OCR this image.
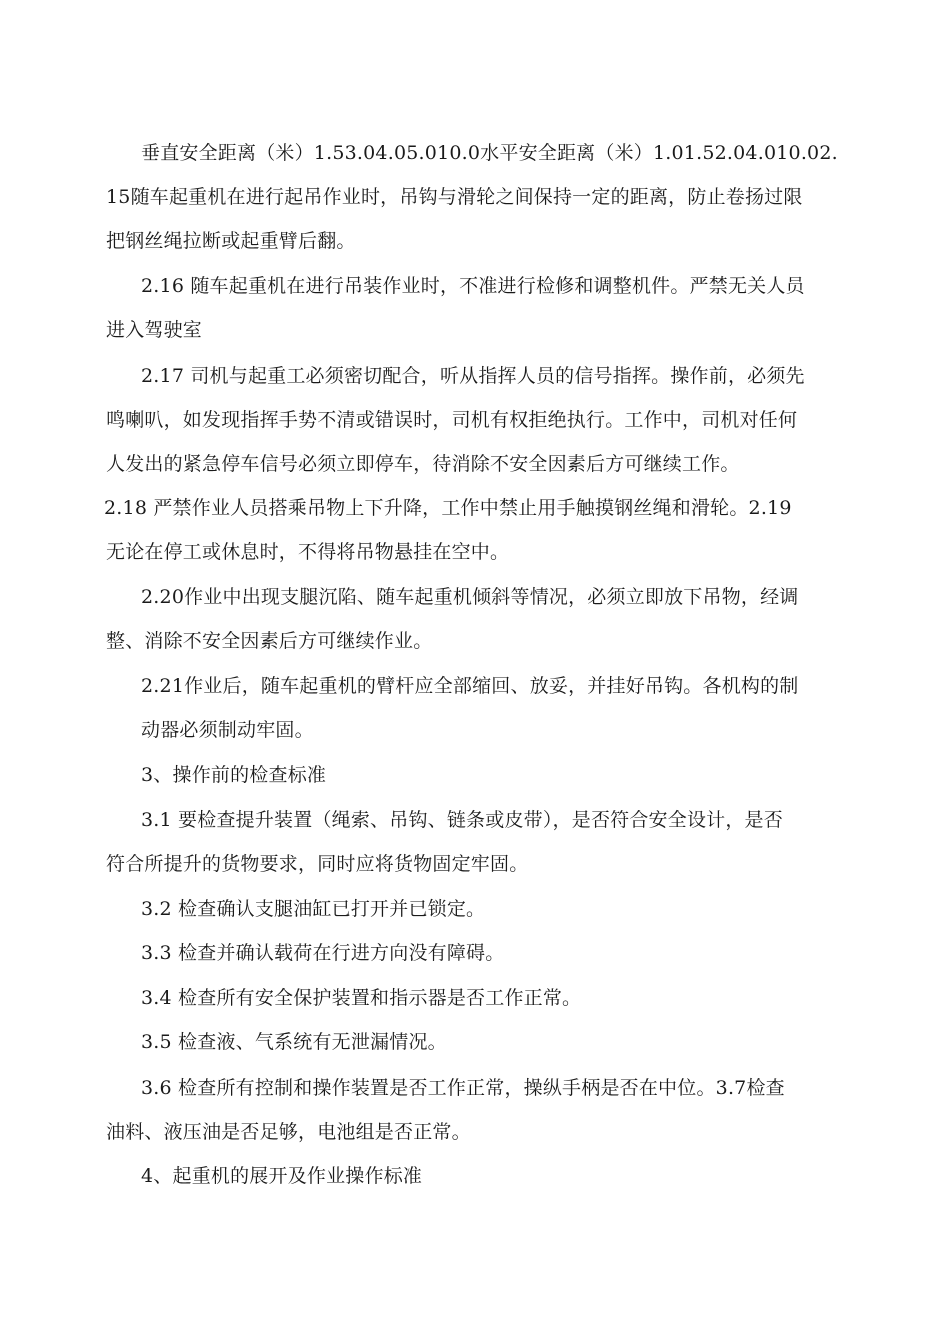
垂直安全距离（米）1.53.04.05.010.0水平安全距离（米）1.01.52.04.010.02.
15随车起重机在进行起吊作业时，吊钩与滑轮之间保持一定的距离，防止卷扬过限
把钢丝绳拉断或起重臂后翻。
2.16 随车起重机在进行吊装作业时，不准进行检修和调整机件。严禁无关人员
进入驾驶室
2.17 司机与起重工必须密切配合，听从指挥人员的信号指挥。操作前，必须先
鸣喇叭，如发现指挥手势不清或错误时，司机有权拒绝执行。工作中，司机对任何
人发出的紧急停车信号必须立即停车，待消除不安全因素后方可继续工作。
2.18 严禁作业人员搭乘吊物上下升降，工作中禁止用手触摸钢丝绳和滑轮。2.19
无论在停工或休息时，不得将吊物悬挂在空中。
2.20作业中出现支腿沉陷、随车起重机倾斜等情况，必须立即放下吊物，经调
整、消除不安全因素后方可继续作业。
2.21作业后，随车起重机的臂杆应全部缩回、放妥，并挂好吊钩。各机构的制
动器必须制动牢固。
3、操作前的检查标准
3.1 要检查提升装置（绳索、吊钩、链条或皮带），是否符合安全设计，是否
符合所提升的货物要求，同时应将货物固定牢固。
3.2 检查确认支腿油缸已打开并已锁定。
3.3 检查并确认载荷在行进方向没有障碍。
3.4 检查所有安全保护装置和指示器是否工作正常。
3.5 检查液、气系统有无泄漏情况。
3.6 检查所有控制和操作装置是否工作正常，操纵手柄是否在中位。3.7检查
油料、液压油是否足够，电池组是否正常。
4、起重机的展开及作业操作标准
